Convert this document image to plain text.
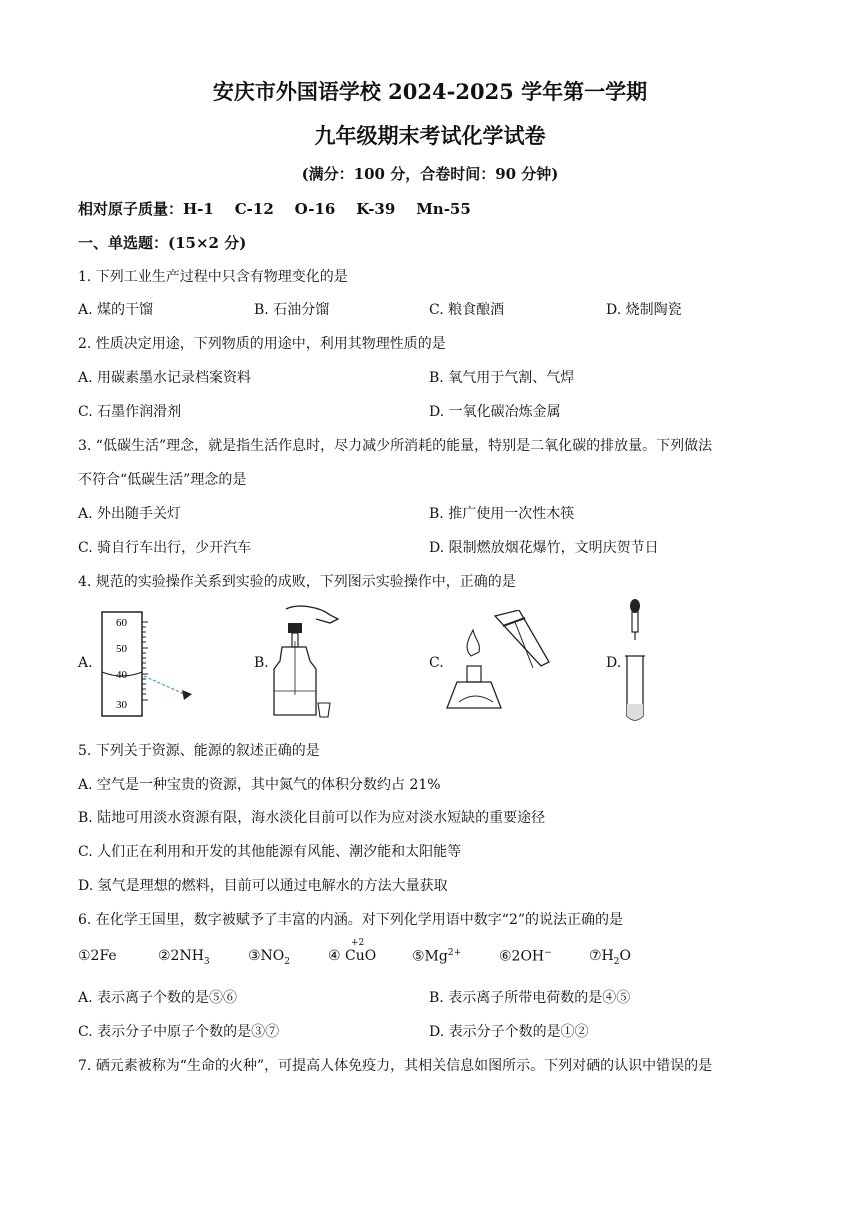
安庆市外国语学校 2024-2025 学年第一学期
九年级期末考试化学试卷
(满分：100 分，合卷时间：90 分钟)
相对原子质量：H-1    C-12    O-16    K-39    Mn-55
一、单选题：(15×2 分)
1. 下列工业生产过程中只含有物理变化的是
A. 煤的干馏	B. 石油分馏	C. 粮食酿酒	D. 烧制陶瓷
2. 性质决定用途，下列物质的用途中，利用其物理性质的是
A. 用碳素墨水记录档案资料	B. 氧气用于气割、气焊
C. 石墨作润滑剂	D. 一氧化碳冶炼金属
3. “低碳生活”理念，就是指生活作息时，尽力减少所消耗的能量，特别是二氧化碳的排放量。下列做法
不符合“低碳生活”理念的是
A. 外出随手关灯	B. 推广使用一次性木筷
C. 骑自行车出行，少开汽车	D. 限制燃放烟花爆竹，文明庆贺节日
4. 规范的实验操作关系到实验的成败，下列图示实验操作中，正确的是
A.
60
50
40
30
B.	C.	D.
5. 下列关于资源、能源的叙述正确的是
A. 空气是一种宝贵的资源，其中氮气的体积分数约占 21%
B. 陆地可用淡水资源有限，海水淡化目前可以作为应对淡水短缺的重要途径
C. 人们正在利用和开发的其他能源有风能、潮汐能和太阳能等
D. 氢气是理想的燃料，目前可以通过电解水的方法大量获取
6. 在化学王国里，数字被赋予了丰富的内涵。对下列化学用语中数字“2”的说法正确的是
①2Fe	$②2NH_3$	$③NO_2$	④
+2
CuO	$⑤Mg^{2+}$	⑥2OH−	$⑦H_2O$
A. 表示离子个数的是⑤⑥	B. 表示离子所带电荷数的是④⑤
C. 表示分子中原子个数的是③⑦	D. 表示分子个数的是①②
7. 硒元素被称为“生命的火种”，可提高人体免疫力，其相关信息如图所示。下列对硒的认识中错误的是
